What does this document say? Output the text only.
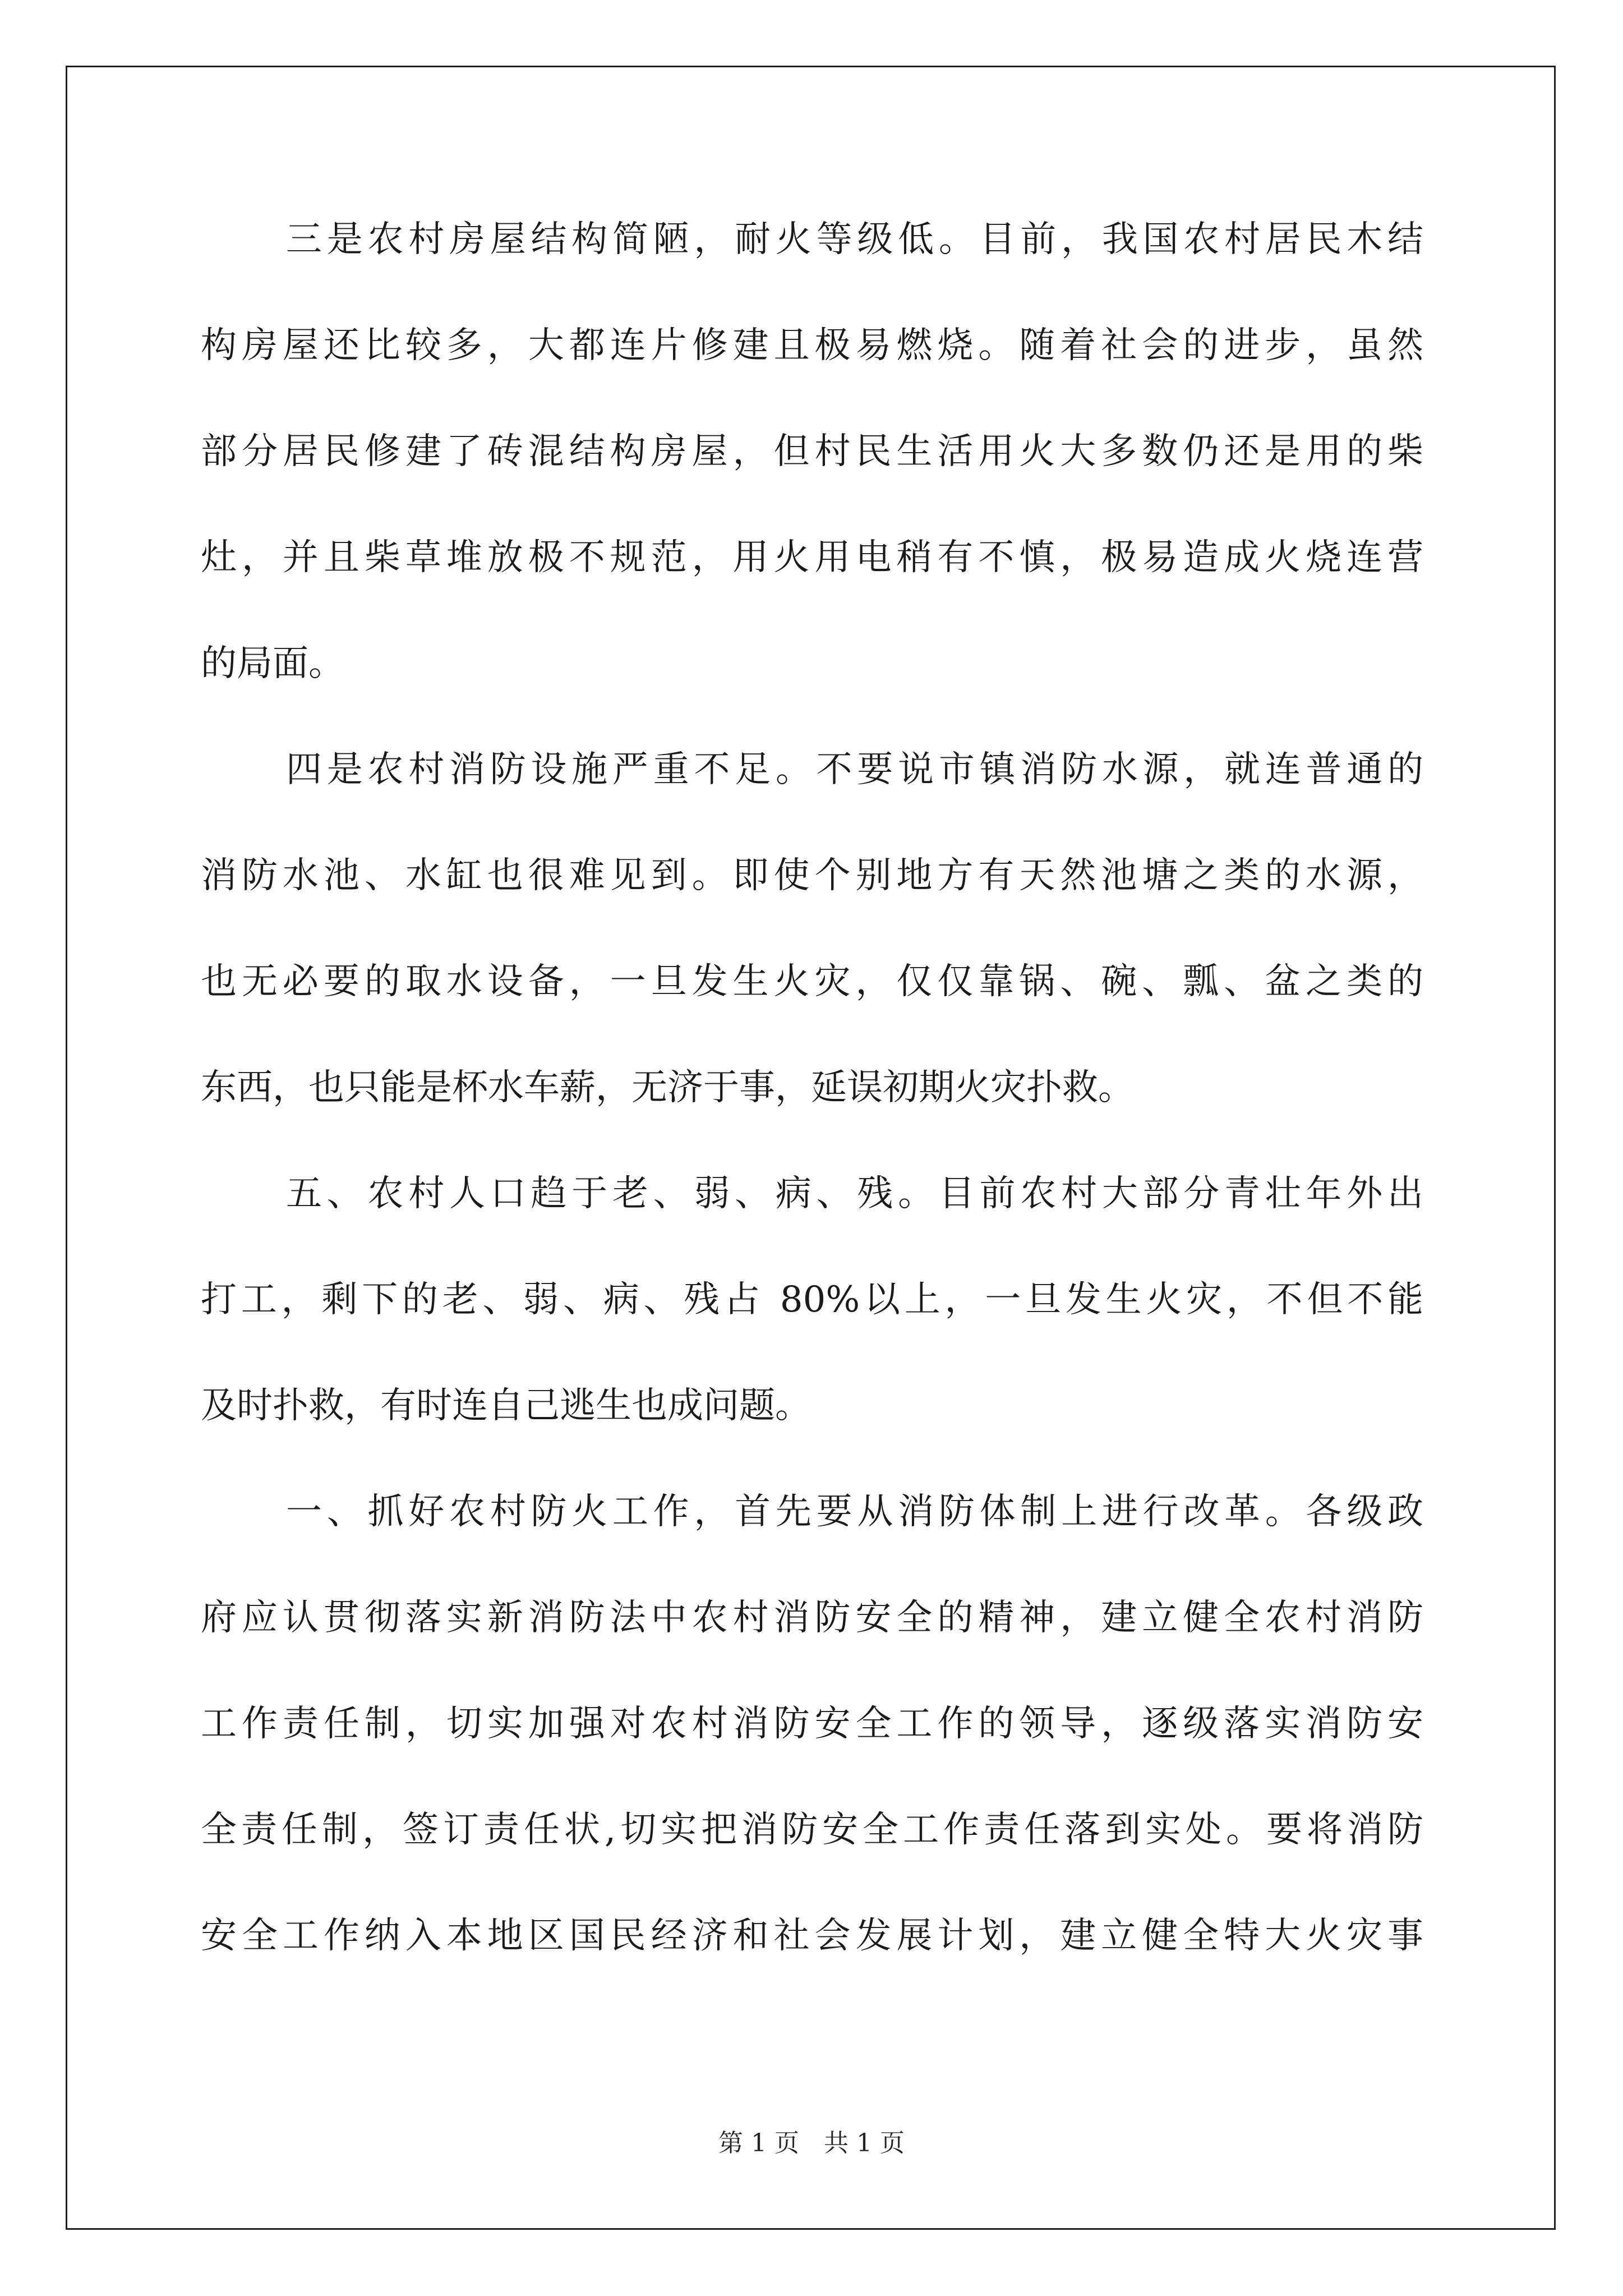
三是农村房屋结构简陋，耐火等级低。目前，我国农村居民木结
构房屋还比较多，大都连片修建且极易燃烧。随着社会的进步，虽然
部分居民修建了砖混结构房屋，但村民生活用火大多数仍还是用的柴
灶，并且柴草堆放极不规范，用火用电稍有不慎，极易造成火烧连营
的局面。
四是农村消防设施严重不足。不要说市镇消防水源，就连普通的
消防水池、水缸也很难见到。即使个别地方有天然池塘之类的水源，
也无必要的取水设备，一旦发生火灾，仅仅靠锅、碗、瓢、盆之类的
东西，也只能是杯水车薪，无济于事，延误初期火灾扑救。
五、农村人口趋于老、弱、病、残。目前农村大部分青壮年外出
打工，剩下的老、弱、病、残占 80%以上，一旦发生火灾，不但不能
及时扑救，有时连自己逃生也成问题。
一、抓好农村防火工作，首先要从消防体制上进行改革。各级政
府应认贯彻落实新消防法中农村消防安全的精神，建立健全农村消防
工作责任制，切实加强对农村消防安全工作的领导，逐级落实消防安
全责任制，签订责任状,切实把消防安全工作责任落到实处。要将消防
安全工作纳入本地区国民经济和社会发展计划，建立健全特大火灾事
第 1 页　共 1 页
